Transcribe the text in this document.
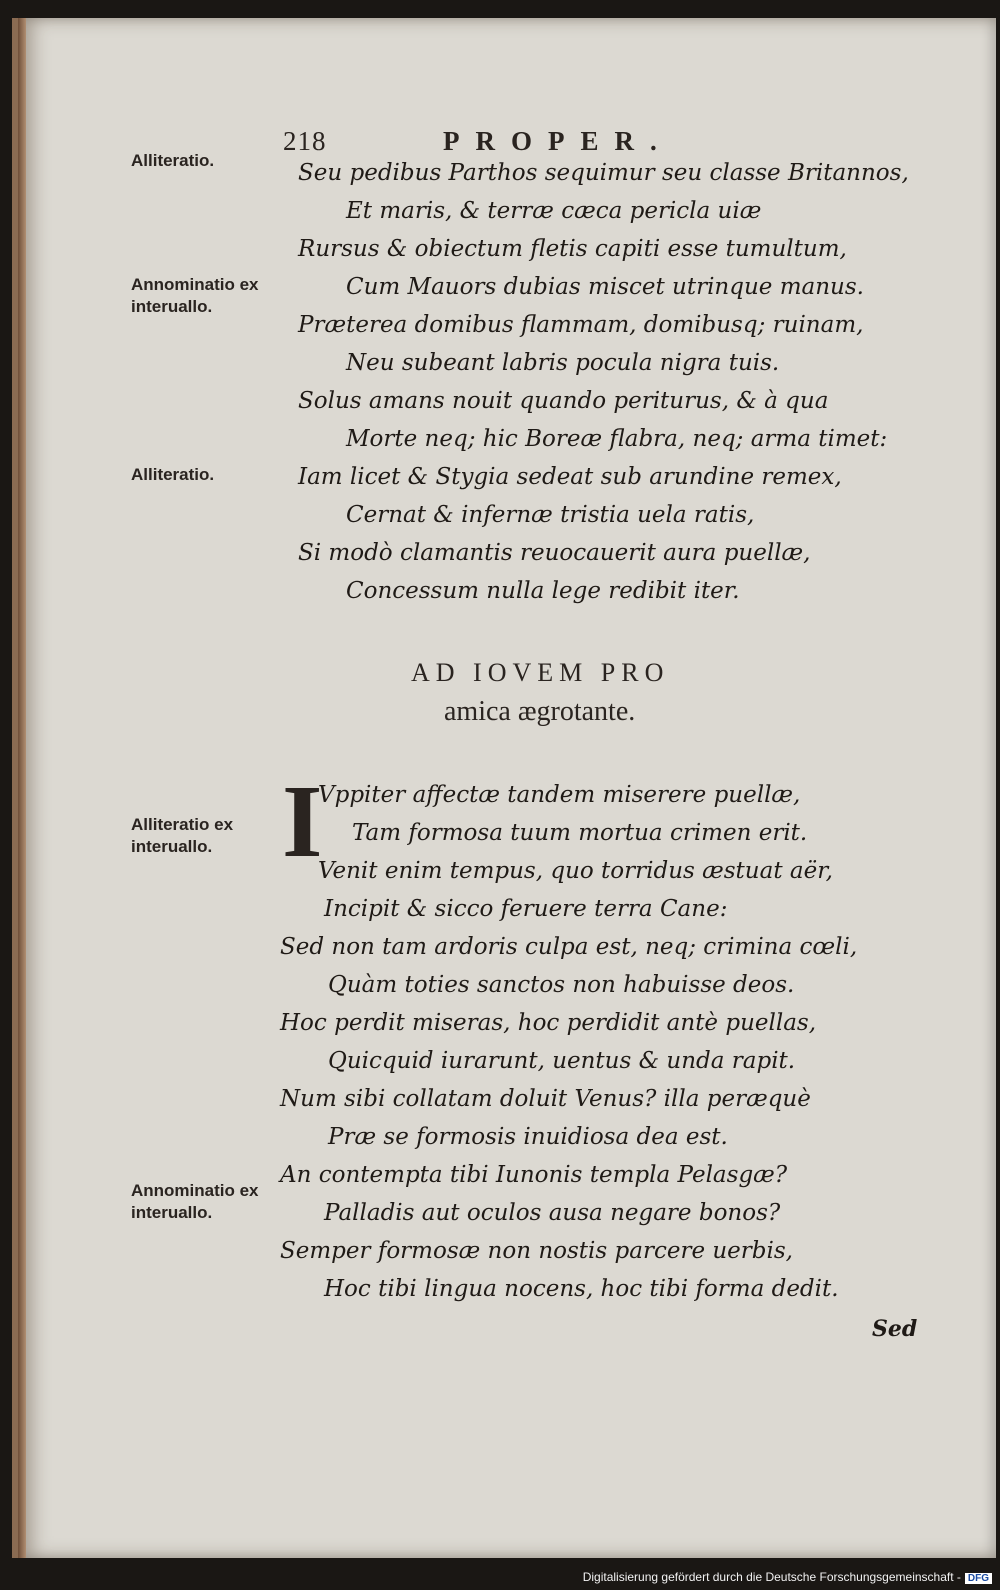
218	PROPER.
Alliteratio.
Annominatio ex interuallo.
Alliteratio.
Alliteratio ex interuallo.
Annominatio ex interuallo.
Seu pedibus Parthos sequimur seu classe Britannos,
Et maris, & terræ cæca pericla uiæ
Rursus & obiectum fletis capiti esse tumultum,
Cum Mauors dubias miscet utrinque manus.
Præterea domibus flammam, domibusq; ruinam,
Neu subeant labris pocula nigra tuis.
Solus amans nouit quando periturus, & à qua
Morte neq; hic Boreæ flabra, neq; arma timet:
Iam licet & Stygia sedeat sub arundine remex,
Cernat & infernæ tristia uela ratis,
Si modò clamantis reuocauerit aura puellæ,
Concessum nulla lege redibit iter.
AD IOVEM PRO
amica ægrotante.
I
Vppiter affectæ tandem miserere puellæ,
Tam formosa tuum mortua crimen erit.
Venit enim tempus, quo torridus æstuat aër,
Incipit & sicco feruere terra Cane:
Sed non tam ardoris culpa est, neq; crimina cœli,
Quàm toties sanctos non habuisse deos.
Hoc perdit miseras, hoc perdidit antè puellas,
Quicquid iurarunt, uentus & unda rapit.
Num sibi collatam doluit Venus? illa peræquè
Præ se formosis inuidiosa dea est.
An contempta tibi Iunonis templa Pelasgæ?
Palladis aut oculos ausa negare bonos?
Semper formosæ non nostis parcere uerbis,
Hoc tibi lingua nocens, hoc tibi forma dedit.
Sed
Digitalisierung gefördert durch die Deutsche Forschungsgemeinschaft - DFG
